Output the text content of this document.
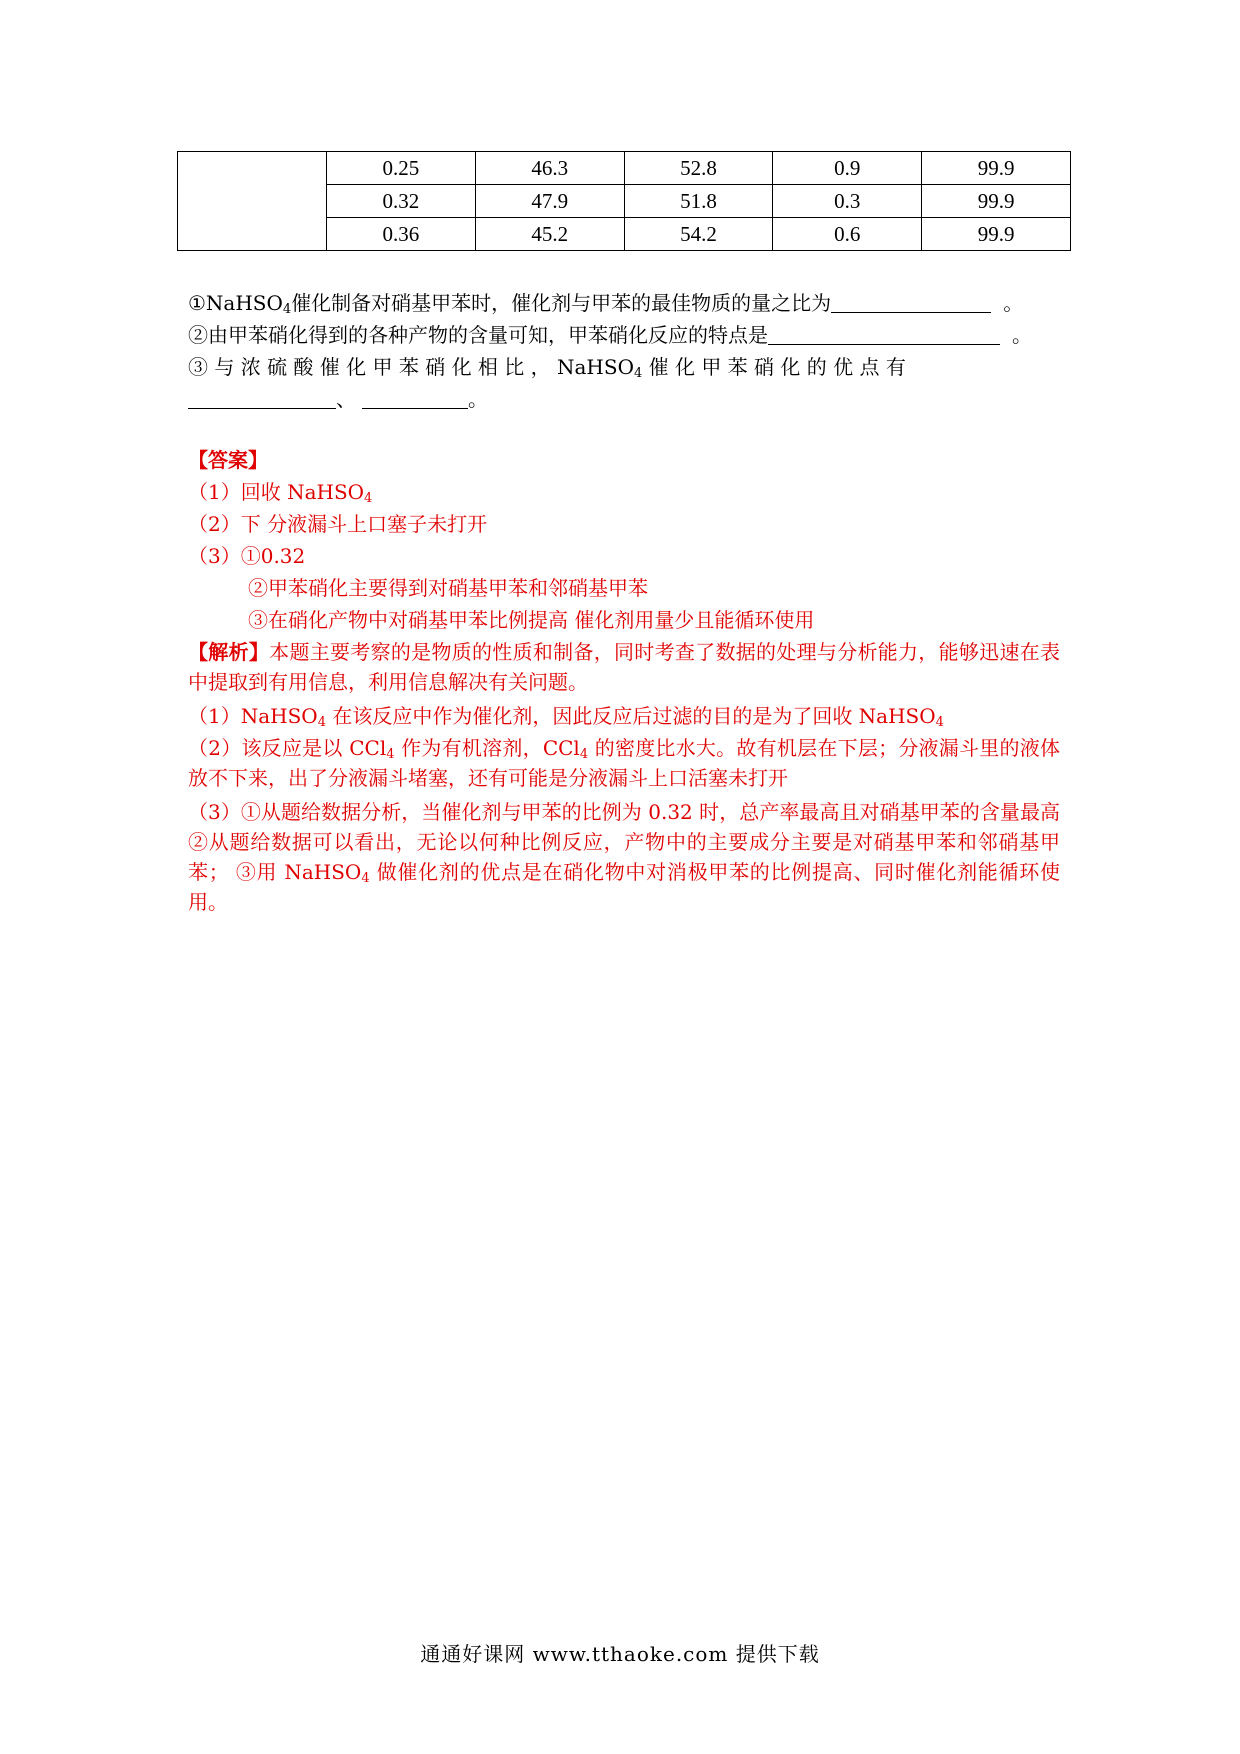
	0.25	46.3	52.8	0.9	99.9
	0.32	47.9	51.8	0.3	99.9
	0.36	45.2	54.2	0.6	99.9
①NaHSO$_4$催化制备对硝基甲苯时，催化剂与甲苯的最佳物质的量之比为	。
②由甲苯硝化得到的各种产物的含量可知，甲苯硝化反应的特点是	。
③ 与 浓 硫 酸 催 化 甲 苯 硝 化 相 比 ， NaHSO$_4$ 催 化 甲 苯 硝 化 的 优 点 有
、	。
【答案】
（1）回收 NaHSO$_4$
（2）下 分液漏斗上口塞子未打开
（3）①0.32
②甲苯硝化主要得到对硝基甲苯和邻硝基甲苯
③在硝化产物中对硝基甲苯比例提高 催化剂用量少且能循环使用
【解析】本题主要考察的是物质的性质和制备，同时考查了数据的处理与分析能力，能够迅速在表中提取到有用信息，利用信息解决有关问题。
（1）NaHSO$_4$ 在该反应中作为催化剂，因此反应后过滤的目的是为了回收 NaHSO$_4$
（2）该反应是以 CCl$_4$ 作为有机溶剂，CCl$_4$ 的密度比水大。故有机层在下层；分液漏斗里的液体放不下来，出了分液漏斗堵塞，还有可能是分液漏斗上口活塞未打开
（3）①从题给数据分析，当催化剂与甲苯的比例为 0.32 时，总产率最高且对硝基甲苯的含量最高 ②从题给数据可以看出，无论以何种比例反应，产物中的主要成分主要是对硝基甲苯和邻硝基甲苯； ③用 NaHSO$_4$ 做催化剂的优点是在硝化物中对消极甲苯的比例提高、同时催化剂能循环使用。
通通好课网 www.tthaoke.com 提供下载
